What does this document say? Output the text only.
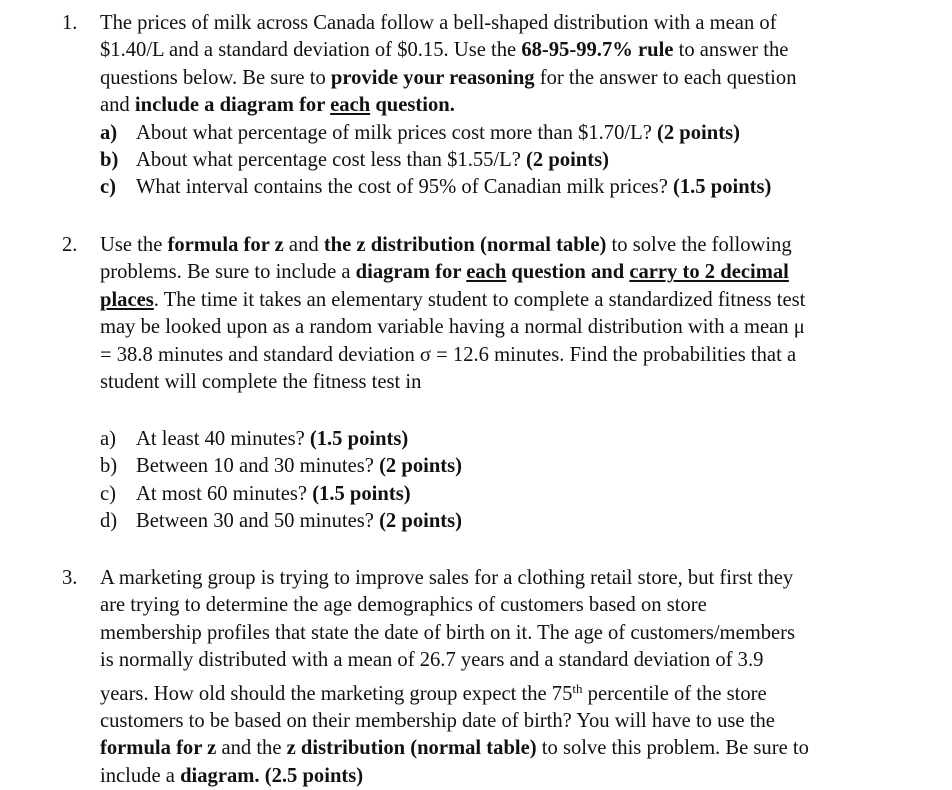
1. The prices of milk across Canada follow a bell-shaped distribution with a mean of
$1.40/L and a standard deviation of $0.15. Use the 68-95-99.7% rule to answer the
questions below. Be sure to provide your reasoning for the answer to each question
and include a diagram for each question.
a) About what percentage of milk prices cost more than $1.70/L? (2 points)
b) About what percentage cost less than $1.55/L? (2 points)
c) What interval contains the cost of 95% of Canadian milk prices? (1.5 points)
2. Use the formula for z and the z distribution (normal table) to solve the following
problems. Be sure to include a diagram for each question and carry to 2 decimal
places. The time it takes an elementary student to complete a standardized fitness test
may be looked upon as a random variable having a normal distribution with a mean μ
= 38.8 minutes and standard deviation σ = 12.6 minutes. Find the probabilities that a
student will complete the fitness test in
a) At least 40 minutes? (1.5 points)
b) Between 10 and 30 minutes? (2 points)
c) At most 60 minutes? (1.5 points)
d) Between 30 and 50 minutes? (2 points)
3. A marketing group is trying to improve sales for a clothing retail store, but first they
are trying to determine the age demographics of customers based on store
membership profiles that state the date of birth on it. The age of customers/members
is normally distributed with a mean of 26.7 years and a standard deviation of 3.9
years. How old should the marketing group expect the 75th percentile of the store
customers to be based on their membership date of birth? You will have to use the
formula for z and the z distribution (normal table) to solve this problem. Be sure to
include a diagram. (2.5 points)
